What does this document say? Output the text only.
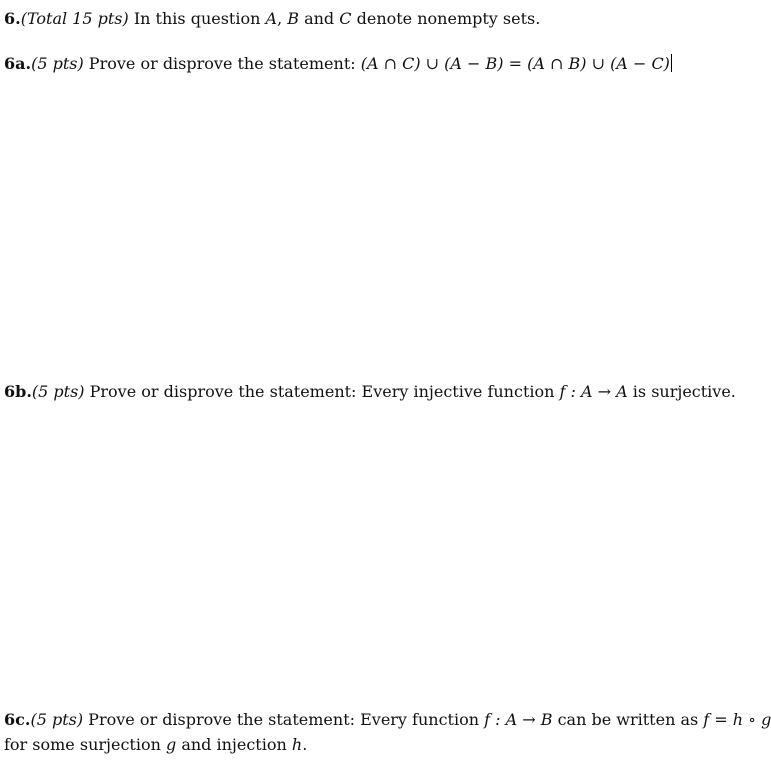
6.(Total 15 pts) In this question A, B and C denote nonempty sets.
6a.(5 pts) Prove or disprove the statement: (A ∩ C) ∪ (A − B) = (A ∩ B) ∪ (A − C)
6b.(5 pts) Prove or disprove the statement: Every injective function f : A → A is surjective.
6c.(5 pts) Prove or disprove the statement: Every function f : A → B can be written as f = h ∘ g
for some surjection g and injection h.
